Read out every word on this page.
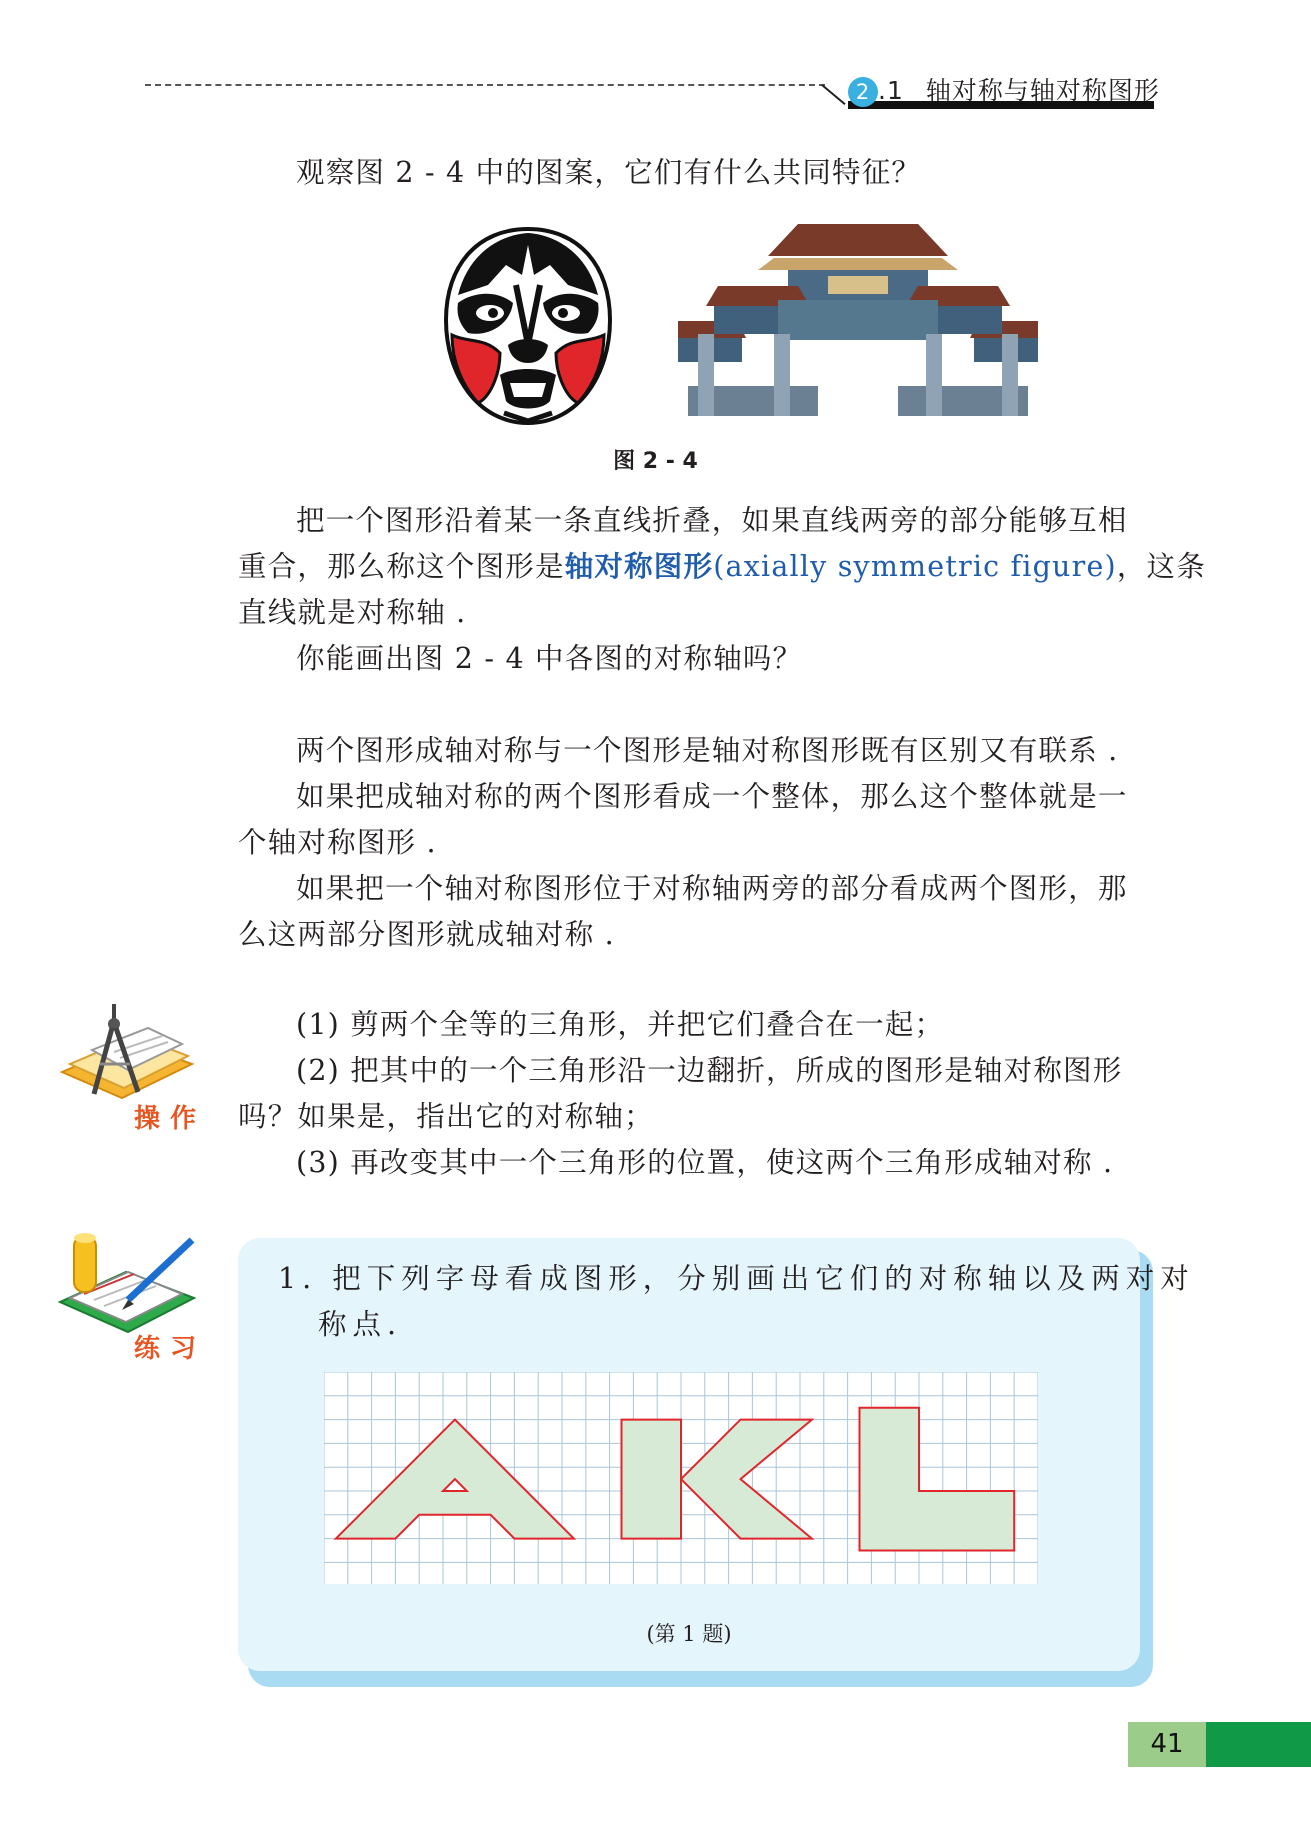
2 .1 轴对称与轴对称图形
观察图 2 - 4 中的图案，它们有什么共同特征？
图 2 - 4
把一个图形沿着某一条直线折叠，如果直线两旁的部分能够互相
重合，那么称这个图形是轴对称图形(axially symmetric figure)，这条
直线就是对称轴 .
你能画出图 2 - 4 中各图的对称轴吗？
两个图形成轴对称与一个图形是轴对称图形既有区别又有联系 .
如果把成轴对称的两个图形看成一个整体，那么这个整体就是一
个轴对称图形 .
如果把一个轴对称图形位于对称轴两旁的部分看成两个图形，那
么这两部分图形就成轴对称 .
操作
(1) 剪两个全等的三角形，并把它们叠合在一起；
(2) 把其中的一个三角形沿一边翻折，所成的图形是轴对称图形
吗？如果是，指出它的对称轴；
(3) 再改变其中一个三角形的位置，使这两个三角形成轴对称 .
练习
1. 把下列字母看成图形，分别画出它们的对称轴以及两对对
称点.
(第 1 题)
41
